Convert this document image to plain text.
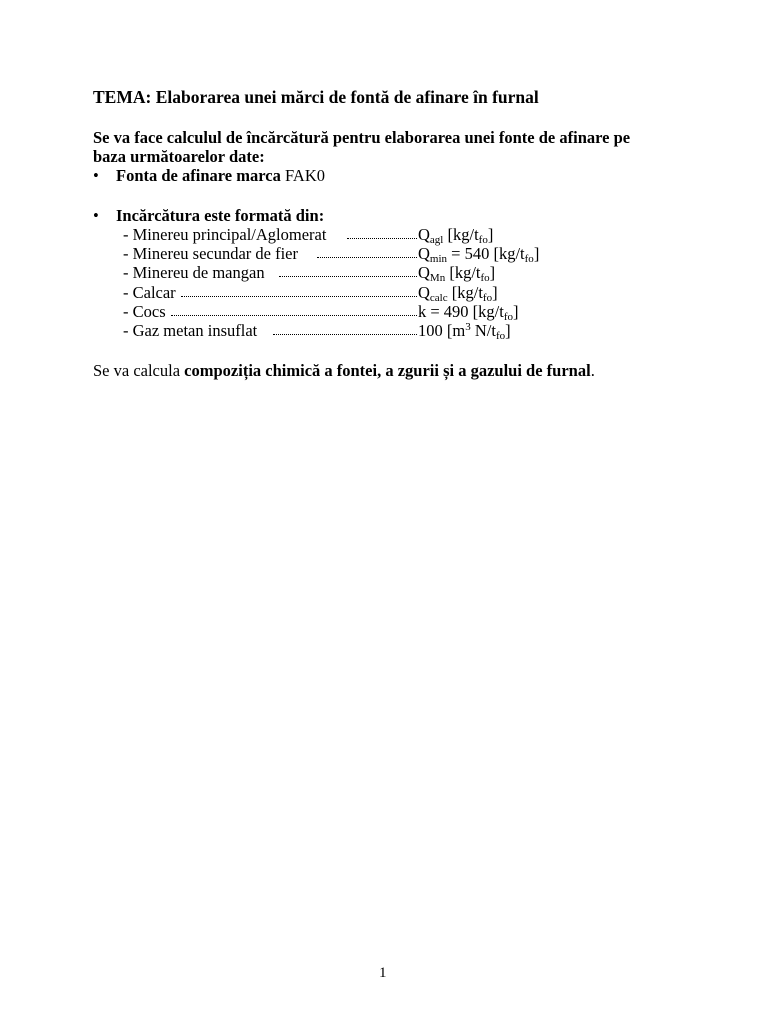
TEMA: Elaborarea unei mărci de fontă de afinare în furnal
Se va face calculul de încărcătură pentru elaborarea unei fonte de afinare pe
baza următoarelor date:
• Fonta de afinare marca FAK0
• Incărcătura este formată din:
- Minereu principal/Aglomerat	$Q_{agl}$ $[kg/t_{fo}]$
- Minereu secundar de fier	$Q_{min} = 540$ $[kg/t_{fo}]$
- Minereu de mangan	$Q_{Mn}$ $[kg/t_{fo}]$
- Calcar	$Q_{calc}$ $[kg/t_{fo}]$
- Cocs	k = 490 $[kg/t_{fo}]$
- Gaz metan insuflat	100 [$m^3$ $N/t_{fo}$]
Se va calcula compoziția chimică a fontei, a zgurii și a gazului de furnal.
1
